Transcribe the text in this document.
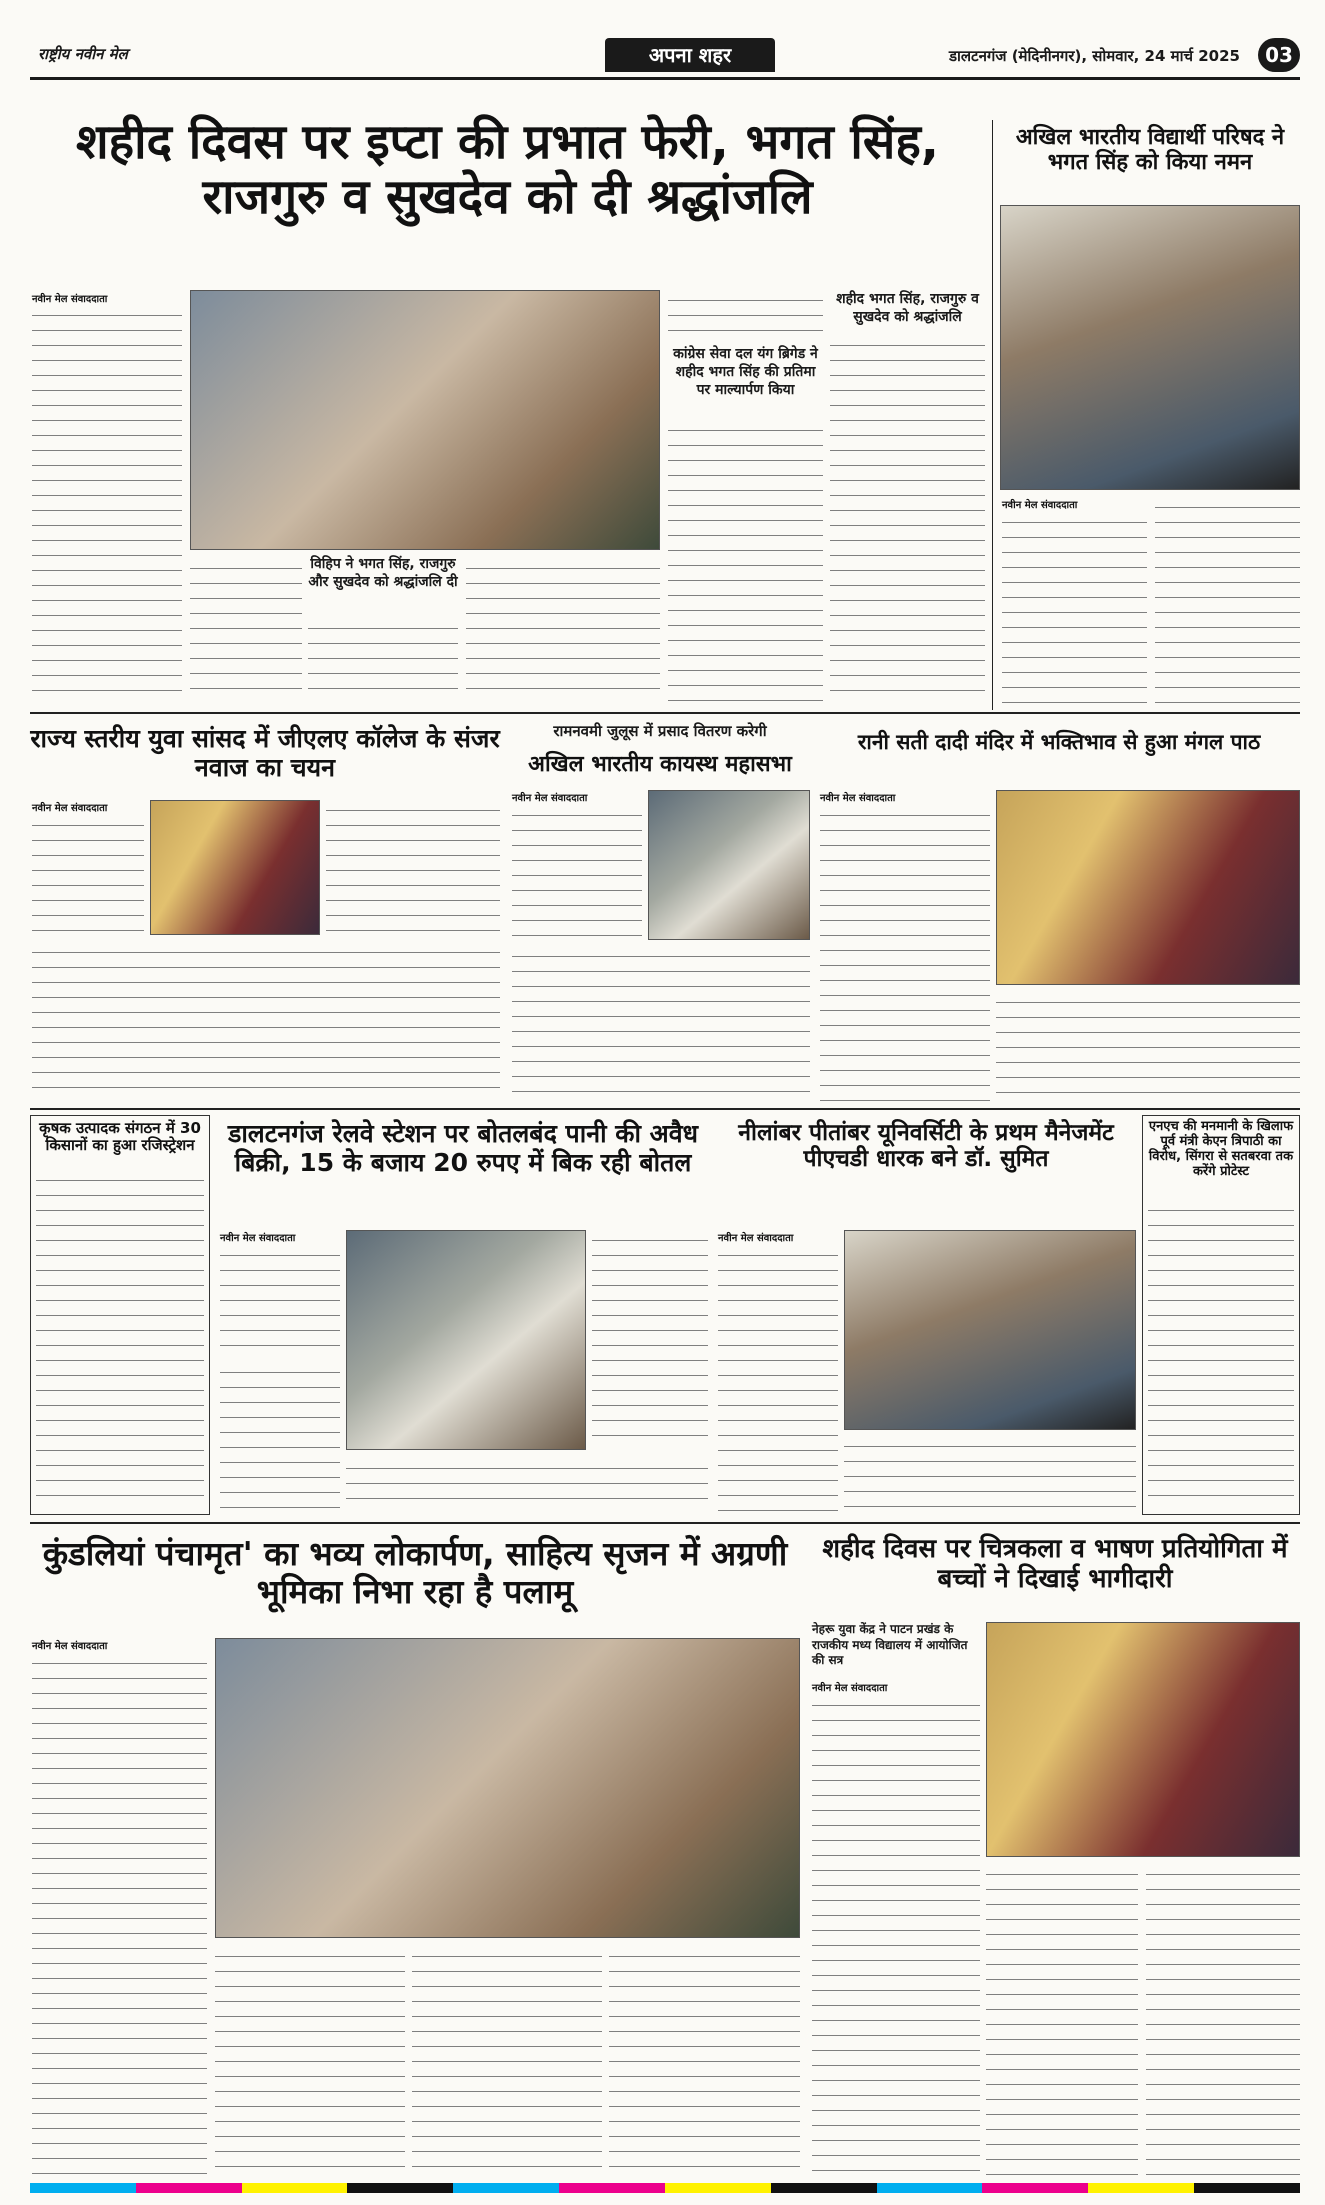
राष्ट्रीय नवीन मेल	अपना शहर	डालटनगंज (मेदिनीनगर), सोमवार, 24 मार्च 2025	03
शहीद दिवस पर इप्टा की प्रभात फेरी, भगत सिंह, राजगुरु व सुखदेव को दी श्रद्धांजलि
नवीन मेल संवाददाता
विहिप ने भगत सिंह, राजगुरु और सुखदेव को श्रद्धांजलि दी
कांग्रेस सेवा दल यंग ब्रिगेड ने शहीद भगत सिंह की प्रतिमा पर माल्यार्पण किया
शहीद भगत सिंह, राजगुरु व सुखदेव को श्रद्धांजलि
अखिल भारतीय विद्यार्थी परिषद ने भगत सिंह को किया नमन
नवीन मेल संवाददाता
राज्य स्तरीय युवा सांसद में जीएलए कॉलेज के संजर नवाज का चयन
नवीन मेल संवाददाता
रामनवमी जुलूस में प्रसाद वितरण करेगी
अखिल भारतीय कायस्थ महासभा
नवीन मेल संवाददाता
रानी सती दादी मंदिर में भक्तिभाव से हुआ मंगल पाठ
नवीन मेल संवाददाता
कृषक उत्पादक संगठन में 30 किसानों का हुआ रजिस्ट्रेशन	डालटनगंज रेलवे स्टेशन पर बोतलबंद पानी की अवैध बिक्री, 15 के बजाय 20 रुपए में बिक रही बोतल
नवीन मेल संवाददाता
नीलांबर पीतांबर यूनिवर्सिटी के प्रथम मैनेजमेंट पीएचडी धारक बने डॉ. सुमित
नवीन मेल संवाददाता
एनएच की मनमानी के खिलाफ पूर्व मंत्री केएन त्रिपाठी का विरोध, सिंगरा से सतबरवा तक करेंगे प्रोटेस्ट
कुंडलियां पंचामृत' का भव्य लोकार्पण, साहित्य सृजन में अग्रणी भूमिका निभा रहा है पलामू
नवीन मेल संवाददाता
शहीद दिवस पर चित्रकला व भाषण प्रतियोगिता में बच्चों ने दिखाई भागीदारी
नेहरू युवा केंद्र ने पाटन प्रखंड के राजकीय मध्य विद्यालय में आयोजित की सत्र
नवीन मेल संवाददाता
